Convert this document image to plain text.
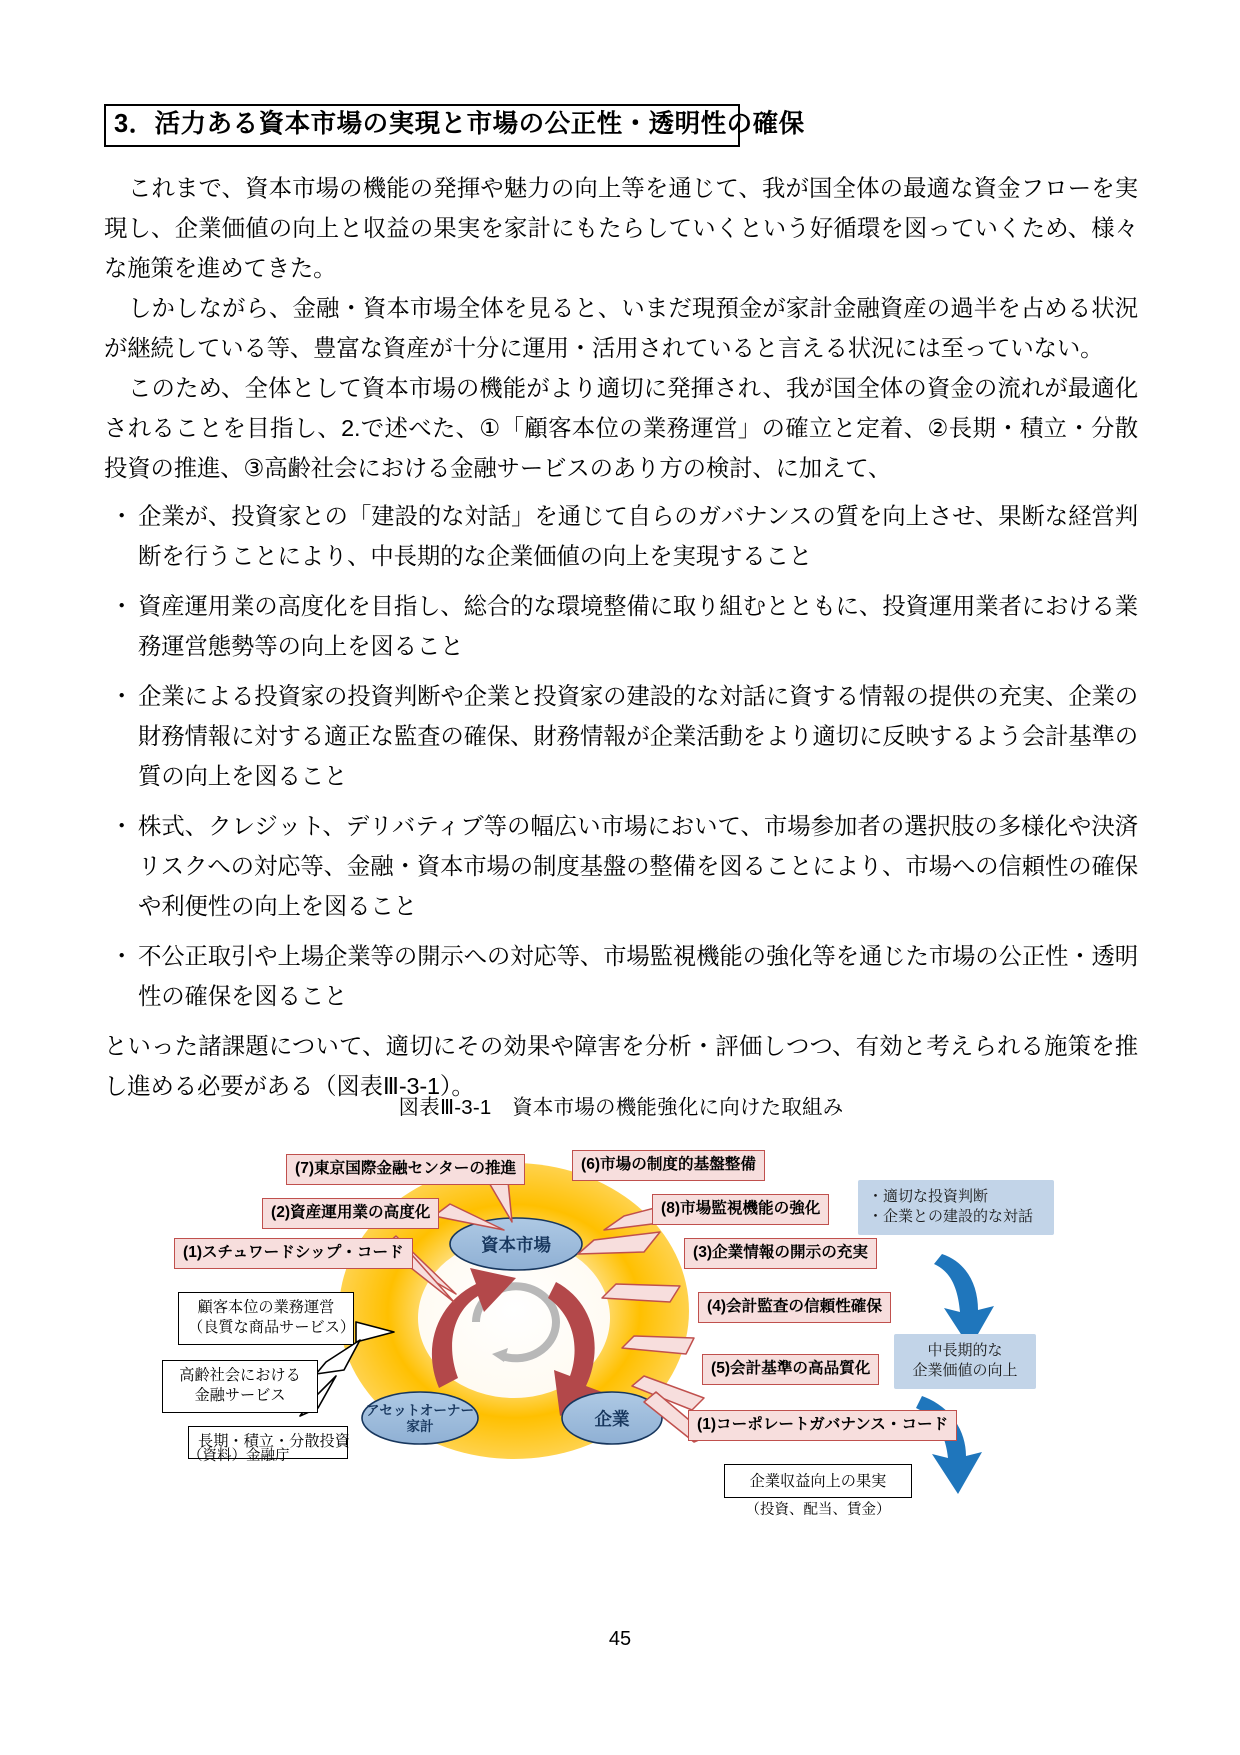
3．活力ある資本市場の実現と市場の公正性・透明性の確保

これまで、資本市場の機能の発揮や魅力の向上等を通じて、我が国全体の最適な資金フローを実現し、企業価値の向上と収益の果実を家計にもたらしていくという好循環を図っていくため、様々な施策を進めてきた。

しかしながら、金融・資本市場全体を見ると、いまだ現預金が家計金融資産の過半を占める状況が継続している等、豊富な資産が十分に運用・活用されていると言える状況には至っていない。

このため、全体として資本市場の機能がより適切に発揮され、我が国全体の資金の流れが最適化されることを目指し、2.で述べた、①「顧客本位の業務運営」の確立と定着、②長期・積立・分散投資の推進、③高齢社会における金融サービスのあり方の検討、に加えて、

・ 企業が、投資家との「建設的な対話」を通じて自らのガバナンスの質を向上させ、果断な経営判断を行うことにより、中長期的な企業価値の向上を実現すること
・ 資産運用業の高度化を目指し、総合的な環境整備に取り組むとともに、投資運用業者における業務運営態勢等の向上を図ること
・ 企業による投資家の投資判断や企業と投資家の建設的な対話に資する情報の提供の充実、企業の財務情報に対する適正な監査の確保、財務情報が企業活動をより適切に反映するよう会計基準の質の向上を図ること
・ 株式、クレジット、デリバティブ等の幅広い市場において、市場参加者の選択肢の多様化や決済リスクへの対応等、金融・資本市場の制度基盤の整備を図ることにより、市場への信頼性の確保や利便性の向上を図ること
・ 不公正取引や上場企業等の開示への対応等、市場監視機能の強化等を通じた市場の公正性・透明性の確保を図ること

といった諸課題について、適切にその効果や障害を分析・評価しつつ、有効と考えられる施策を推し進める必要がある（図表Ⅲ-3-1）。

図表Ⅲ-3-1　資本市場の機能強化に向けた取組み
資本市場
アセットオーナー
家計	企業
(7)東京国際金融センターの推進
(2)資産運用業の高度化
(1)スチュワードシップ・コード
(6)市場の制度的基盤整備
(8)市場監視機能の強化
(3)企業情報の開示の充実
(4)会計監査の信頼性確保
(5)会計基準の高品質化
(1)コーポレートガバナンス・コード
顧客本位の業務運営
（良質な商品サービス）
高齢社会における
金融サービス
長期・積立・分散投資
・適切な投資判断
・企業との建設的な対話
中長期的な
企業価値の向上
企業収益向上の果実
（投資、配当、賃金）
（資料）金融庁
45
